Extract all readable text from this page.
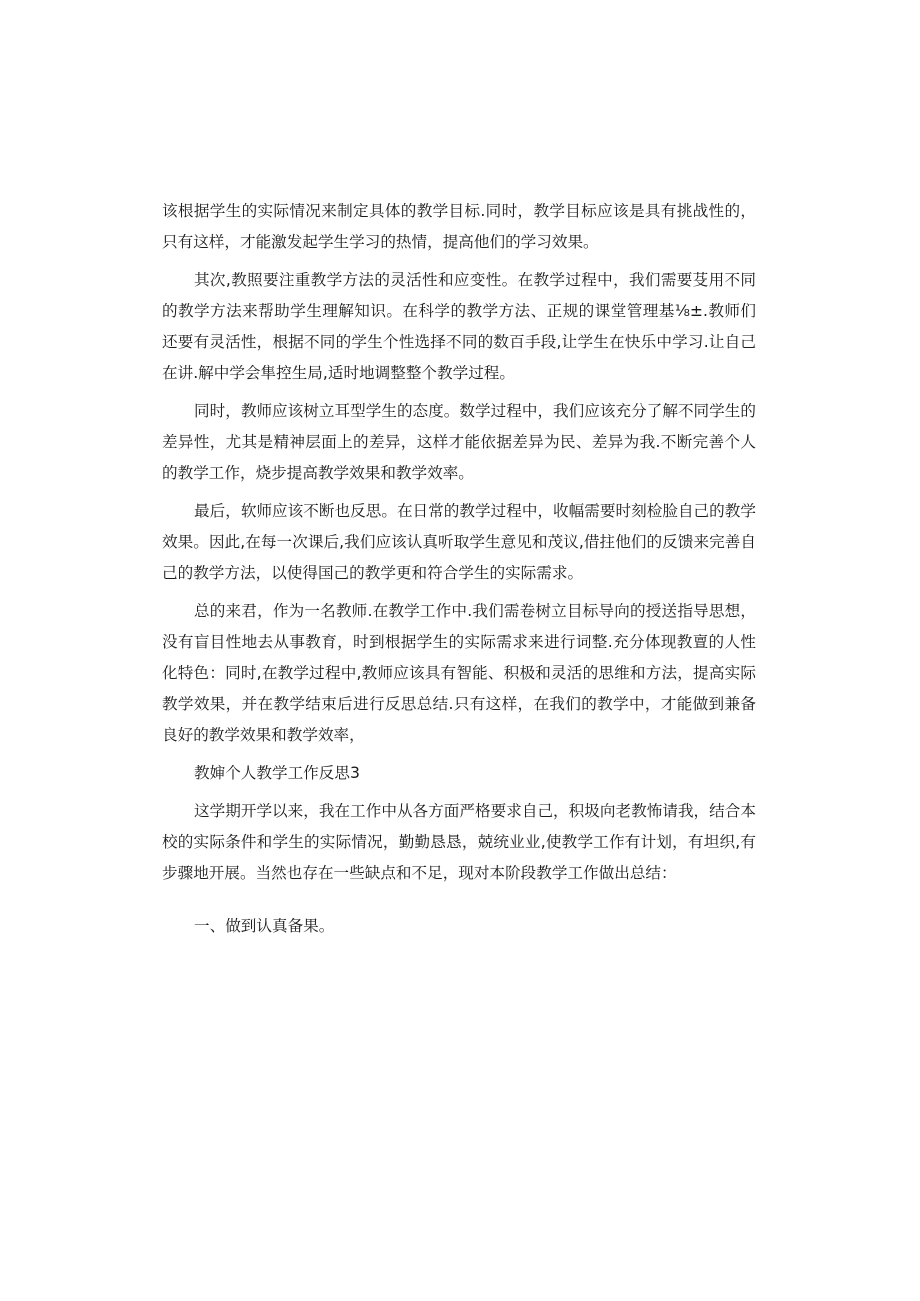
该根据学生的实际情况来制定具体的教学目标.同时，教学目标应该是具有挑战性的，只有这样，才能激发起学生学习的热情，提高他们的学习效果。

其次,教照要注重教学方法的灵活性和应变性。在教学过程中，我们需要芟用不同的教学方法来帮助学生理解知识。在科学的教学方法、正规的课堂管理基⅛±.教师们还要有灵活性，根据不同的学生个性选择不同的数百手段,让学生在快乐中学习.让自己在讲.解中学会隼控生局,适时地调整整个教学过程。

同时，教师应该树立耳型学生的态度。数学过程中，我们应该充分了解不同学生的差异性，尤其是精神层面上的差异，这样才能依据差异为民、差异为我.不断完善个人的教学工作，烧步提高教学效果和教学效率。

最后，软师应该不断也反思。在日常的教学过程中，收幅需要时刻检脸自己的教学效果。因此,在每一次课后,我们应该认真听取学生意见和茂议,借拄他们的反馈来完善自己的教学方法，以使得国己的教学更和符合学生的实际需求。

总的来君，作为一名教师.在教学工作中.我们需卷树立目标导向的授送指导思想，没有盲目性地去从事教育，时到根据学生的实际需求来进行词整.充分体现教亶的人性化特色：同时,在教学过程中,教师应该具有智能、积极和灵活的思维和方法，提高实际教学效果，并在教学结束后进行反思总结.只有这样，在我们的教学中，才能做到兼备良好的教学效果和教学效率，

教婶个人教学工作反思3

这学期开学以来，我在工作中从各方面严格要求自己，积圾向老教怖请我，结合本校的实际条件和学生的实际情况，勤勤恳恳，兢统业业,使教学工作有计划，有坦织,有步骤地开展。当然也存在一些缺点和不足，现对本阶段教学工作做出总结：

一、做到认真备果。
